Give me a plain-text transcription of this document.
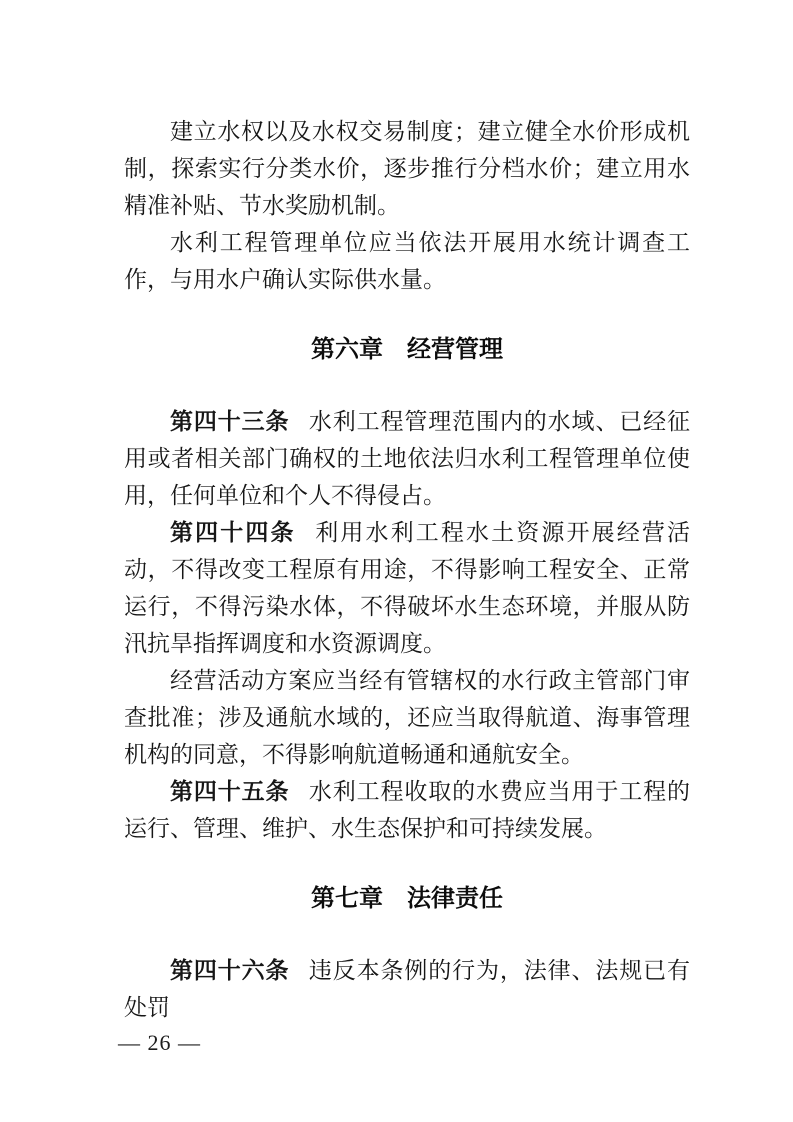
建立水权以及水权交易制度；建立健全水价形成机制，探索实行分类水价，逐步推行分档水价；建立用水精准补贴、节水奖励机制。

水利工程管理单位应当依法开展用水统计调查工作，与用水户确认实际供水量。

第六章　经营管理

第四十三条 水利工程管理范围内的水域、已经征用或者相关部门确权的土地依法归水利工程管理单位使用，任何单位和个人不得侵占。

第四十四条 利用水利工程水土资源开展经营活动，不得改变工程原有用途，不得影响工程安全、正常运行，不得污染水体，不得破坏水生态环境，并服从防汛抗旱指挥调度和水资源调度。

经营活动方案应当经有管辖权的水行政主管部门审查批准；涉及通航水域的，还应当取得航道、海事管理机构的同意，不得影响航道畅通和通航安全。

第四十五条 水利工程收取的水费应当用于工程的运行、管理、维护、水生态保护和可持续发展。

第七章　法律责任

第四十六条 违反本条例的行为，法律、法规已有处罚

— 26 —
